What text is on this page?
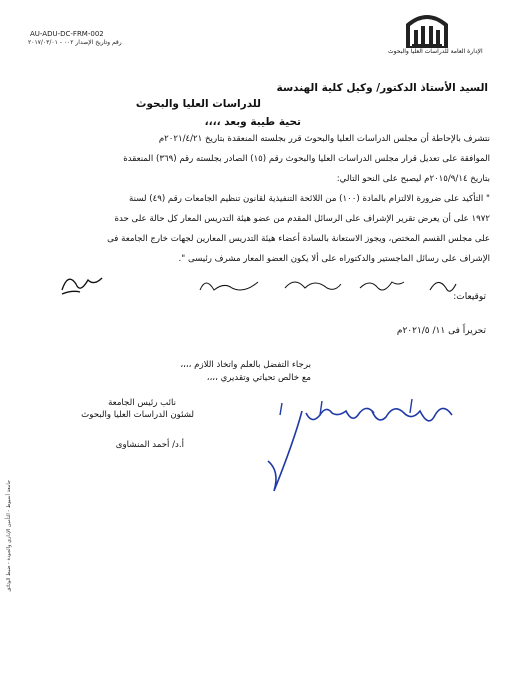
الإدارة العامة للدراسات العليا والبحوث
AU-ADU-DC-FRM-002
رقم وتاريخ الإصدار ٠٠٢ - ٢٠١٧/٠٣/٠١
السيد الأستاذ الدكتور/ وكيل كلية الهندسة
للدراسات العليا والبحوث
تحية طيبة وبعد ،،،،
نتشرف بالإحاطة أن مجلس الدراسات العليا والبحوث قرر بجلسته المنعقدة بتاريخ ٢٠٢١/٤/٢١م
الموافقة على تعديل قرار مجلس الدراسات العليا والبحوث رقم (١٥) الصادر بجلسته رقم (٣٦٩) المنعقدة
بتاريخ ٢٠١٥/٩/١٤م ليصبح على النحو التالي:
" التأكيد على ضرورة الالتزام بالمادة (١٠٠) من اللائحة التنفيذية لقانون تنظيم الجامعات رقم (٤٩) لسنة
١٩٧٢ على أن يعرض تقرير الإشراف على الرسائل المقدم من عضو هيئة التدريس المعار كل حالة على حدة
على مجلس القسم المختص، ويجوز الاستعانة بالسادة أعضاء هيئة التدريس المعارين لجهات خارج الجامعة فى
الإشراف على رسائل الماجستير والدكتوراه على ألا يكون العضو المعار مشرف رئيسى ".
توقيعات:
تحريراً فى ١١/ ٢٠٢١/٥م
برجاء التفضل بالعلم واتخاذ اللازم ،،،،
مع خالص تحياتي وتقديري ،،،،
نائب رئيس الجامعة
لشئون الدراسات العليا والبحوث
أ.د/ أحمد المنشاوى
جامعة أسيوط - التأمين الإداري والجودة - ضبط الوثائق
